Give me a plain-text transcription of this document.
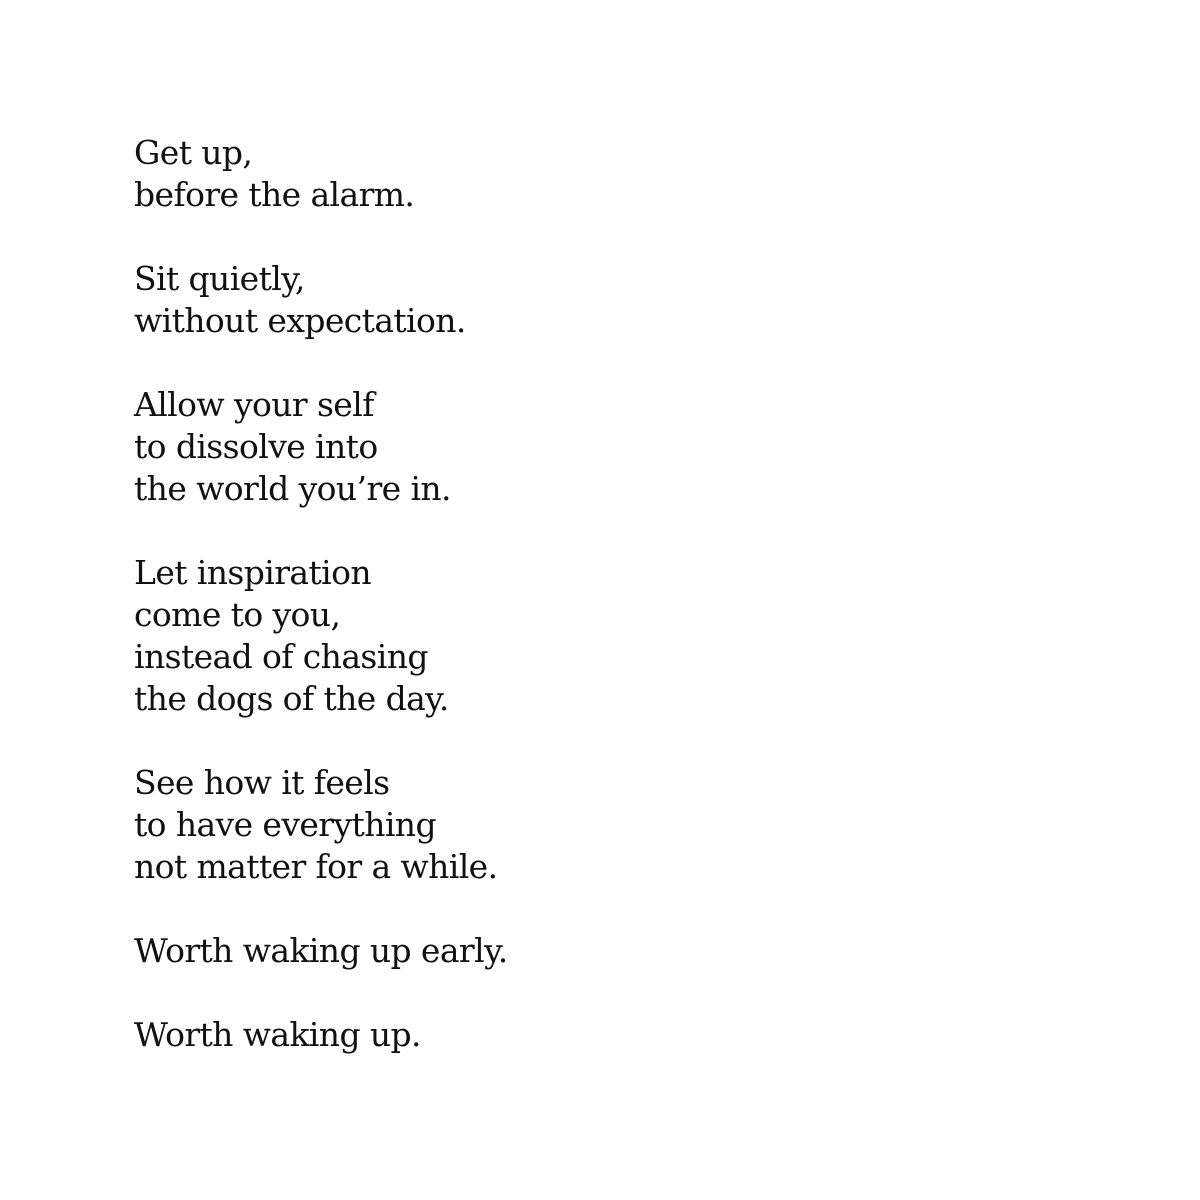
Get up,
before the alarm.

Sit quietly,
without expectation.

Allow your self
to dissolve into
the world you’re in.

Let inspiration
come to you,
instead of chasing
the dogs of the day.

See how it feels
to have everything
not matter for a while.

Worth waking up early.

Worth waking up.
